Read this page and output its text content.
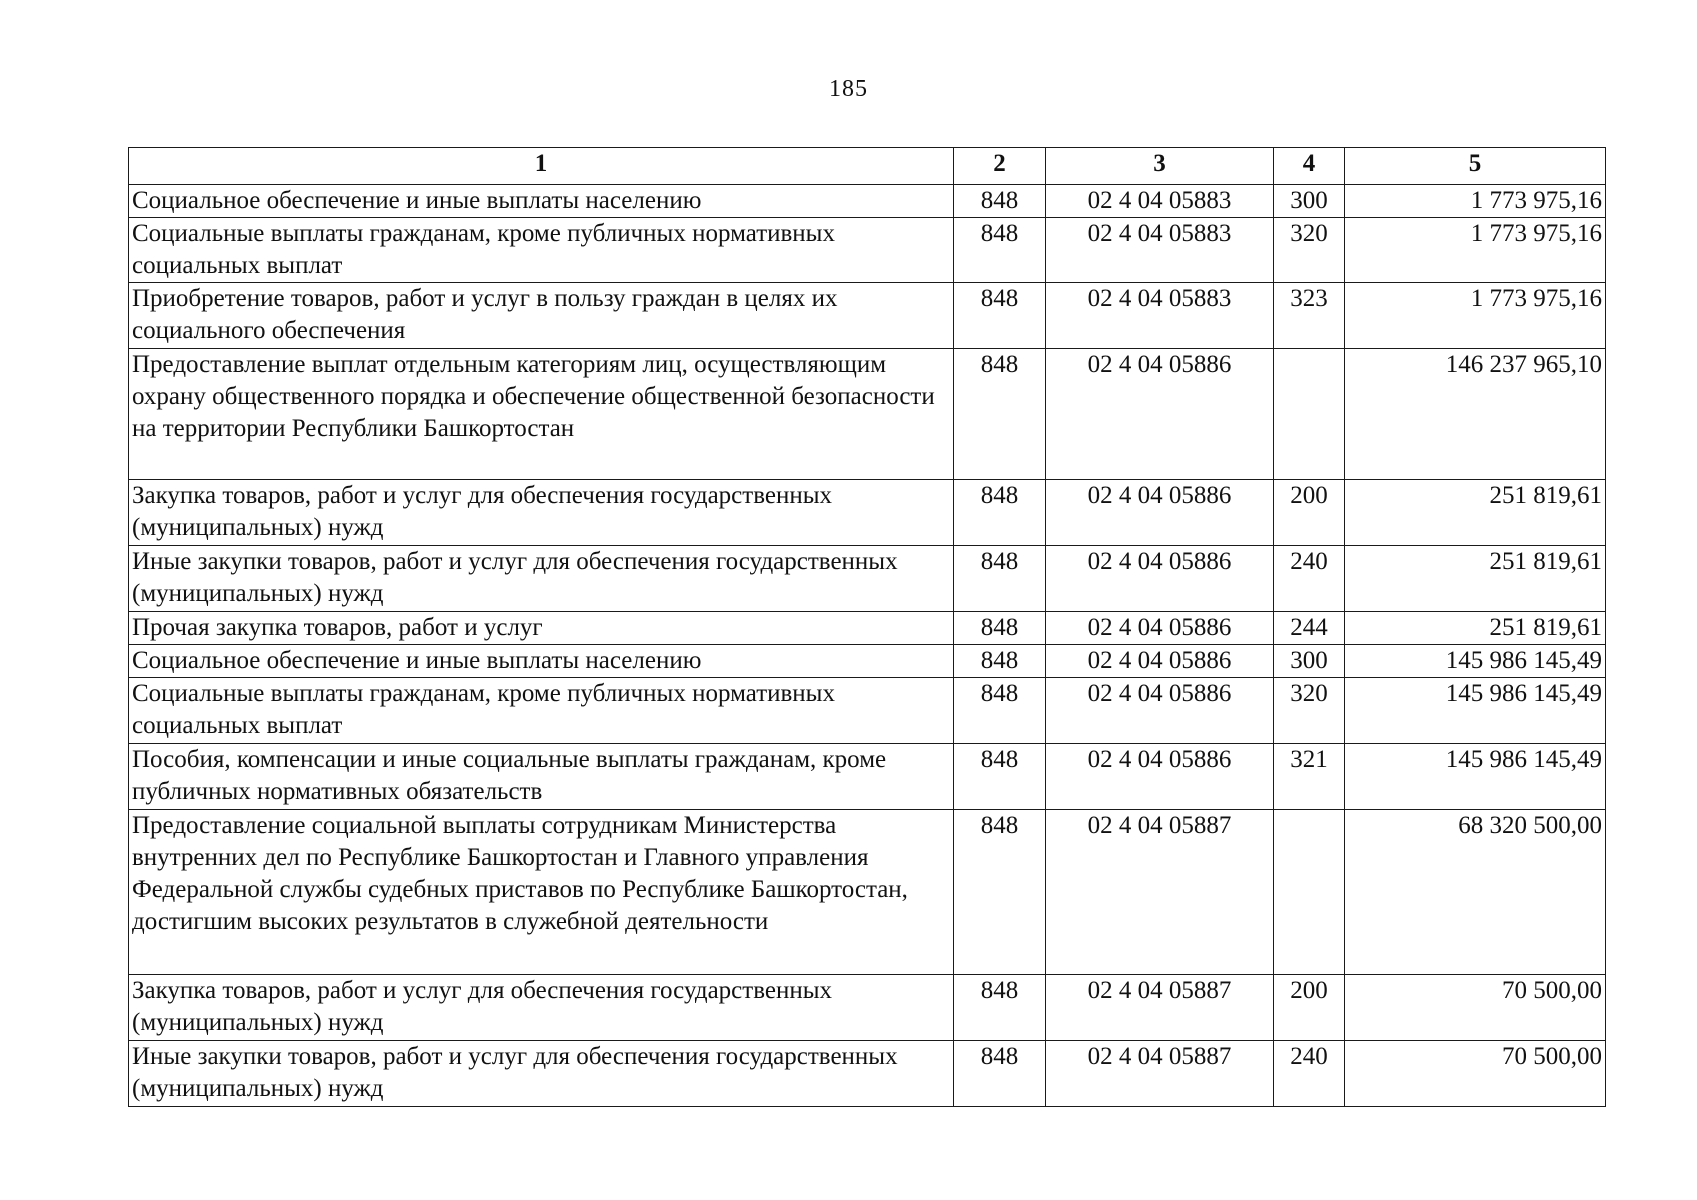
185
1	2	3	4	5
Социальное обеспечение и иные выплаты населению	848	02 4 04 05883	300	1 773 975,16
Социальные выплаты гражданам, кроме публичных нормативных социальных выплат	848	02 4 04 05883	320	1 773 975,16
Приобретение товаров, работ и услуг в пользу граждан в целях их социального обеспечения	848	02 4 04 05883	323	1 773 975,16
Предоставление выплат отдельным категориям лиц, осуществляющим охрану общественного порядка и обеспечение общественной безопасности на территории Республики Башкортостан	848	02 4 04 05886		146 237 965,10
Закупка товаров, работ и услуг для обеспечения государственных (муниципальных) нужд	848	02 4 04 05886	200	251 819,61
Иные закупки товаров, работ и услуг для обеспечения государственных (муниципальных) нужд	848	02 4 04 05886	240	251 819,61
Прочая закупка товаров, работ и услуг	848	02 4 04 05886	244	251 819,61
Социальное обеспечение и иные выплаты населению	848	02 4 04 05886	300	145 986 145,49
Социальные выплаты гражданам, кроме публичных нормативных социальных выплат	848	02 4 04 05886	320	145 986 145,49
Пособия, компенсации и иные социальные выплаты гражданам, кроме публичных нормативных обязательств	848	02 4 04 05886	321	145 986 145,49
Предоставление социальной выплаты сотрудникам Министерства внутренних дел по Республике Башкортостан и Главного управления Федеральной службы судебных приставов по Республике Башкортостан, достигшим высоких результатов в служебной деятельности	848	02 4 04 05887		68 320 500,00
Закупка товаров, работ и услуг для обеспечения государственных (муниципальных) нужд	848	02 4 04 05887	200	70 500,00
Иные закупки товаров, работ и услуг для обеспечения государственных (муниципальных) нужд	848	02 4 04 05887	240	70 500,00
